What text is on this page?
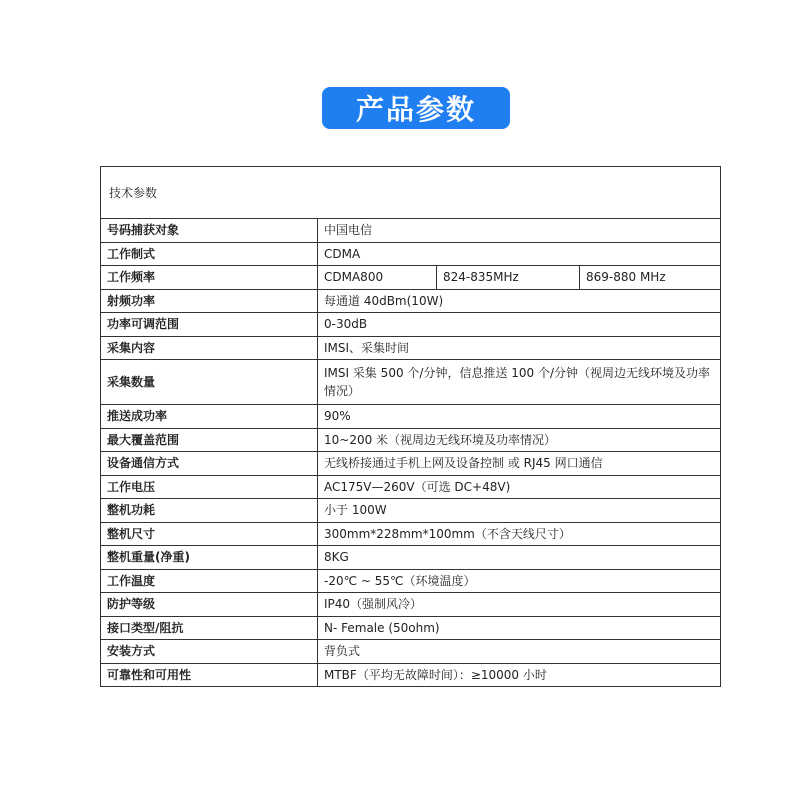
产品参数
技术参数			
号码捕获对象	中国电信		
工作制式	CDMA		
工作频率	CDMA800	824-835MHz	869-880 MHz
射频功率	每通道 40dBm(10W)		
功率可调范围	0-30dB		
采集内容	IMSI、采集时间		
采集数量	IMSI 采集 500 个/分钟，信息推送 100 个/分钟（视周边无线环境及功率情况）		

推送成功率	90%		
最大覆盖范围	10~200 米（视周边无线环境及功率情况）		
设备通信方式	无线桥接通过手机上网及设备控制 或 RJ45 网口通信		
工作电压	AC175V—260V（可选 DC+48V)		
整机功耗	小于 100W		
整机尺寸	300mm*228mm*100mm（不含天线尺寸）		
整机重量(净重)	8KG		
工作温度	-20℃ ~ 55℃（环境温度）		
防护等级	IP40（强制风冷）		
接口类型/阻抗	N- Female (50ohm)		
安装方式	背负式		
可靠性和可用性	MTBF（平均无故障时间）：≥10000 小时		
